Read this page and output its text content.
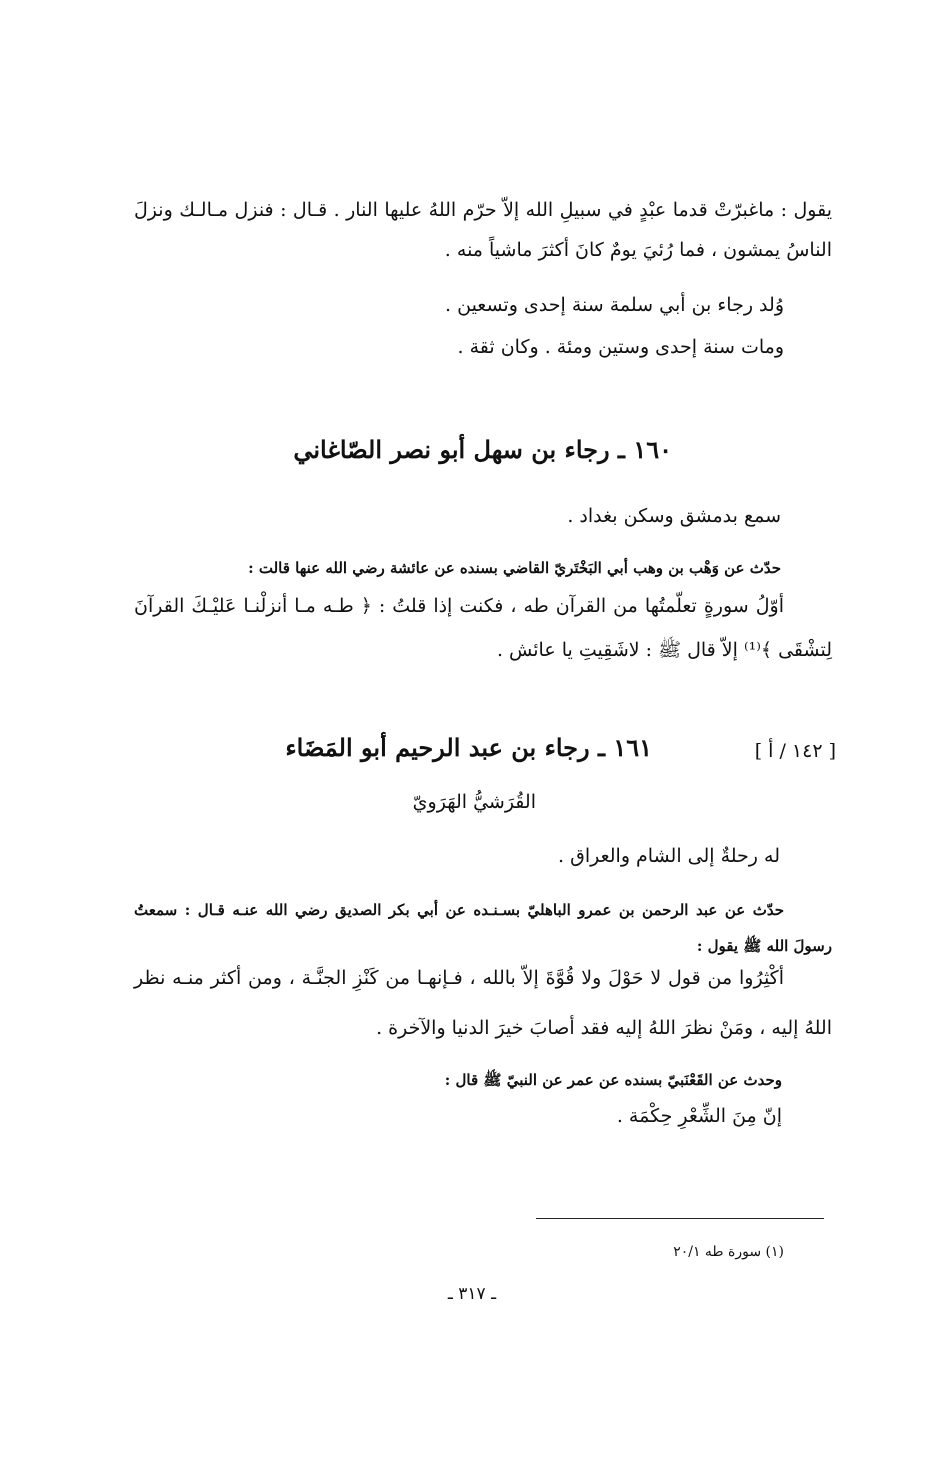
يقول : ماغبرّتْ قدما عبْدٍ في سبيلِ الله إلاّ حرّم اللهُ عليها النار . قـال : فنزل مـالـك ونزلَ
الناسُ يمشون ، فما رُئيَ يومٌ كانَ أكثرَ ماشياً منه .
وُلد رجاء بن أبي سلمة سنة إحدى وتسعين .
ومات سنة إحدى وستين ومئة . وكان ثقة .
١٦٠ ـ رجاء بن سهل أبو نصر الصّاغاني
سمع بدمشق وسكن بغداد .
حدّث عن وَهْب بن وهب أبي البَخْتَريّ القاضي بسنده عن عائشة رضي الله عنها قالت :
أوّلُ سورةٍ تعلّمتُها من القرآن طه ، فكنت إذا قلتُ : ﴿ طـه مـا أنزلْنـا عَليْـكَ القرآنَ
لِتشْقَى ﴾⁽¹⁾ إلاّ قال ﷺ : لاشَقِيتِ يا عائش .
[ ١٤٢ / أ ]
١٦١ ـ رجاء بن عبد الرحيم أبو المَضَاء
القُرَشيُّ الهَرَويّ
له رحلةٌ إلى الشام والعراق .
حدّث عن عبد الرحمن بن عمرو الباهليّ بسـنـده عن أبي بكر الصديق رضي الله عنـه قـال : سمعتُ
رسولَ الله ﷺ يقول :
أكْثِرُوا من قول لا حَوْلَ ولا قُوَّةَ إلاّ بالله ، فـإنهـا من كَنْزِ الجنَّـة ، ومن أكثر منـه نظر
اللهُ إليه ، ومَنْ نظرَ اللهُ إليه فقد أصابَ خيرَ الدنيا والآخرة .
وحدث عن القَعْنَبيّ بسنده عن عمر عن النبيّ ﷺ قال :
إنّ مِنَ الشِّعْرِ حِكْمَة .
(١) سورة طه ٢٠/١
ـ ٣١٧ ـ
